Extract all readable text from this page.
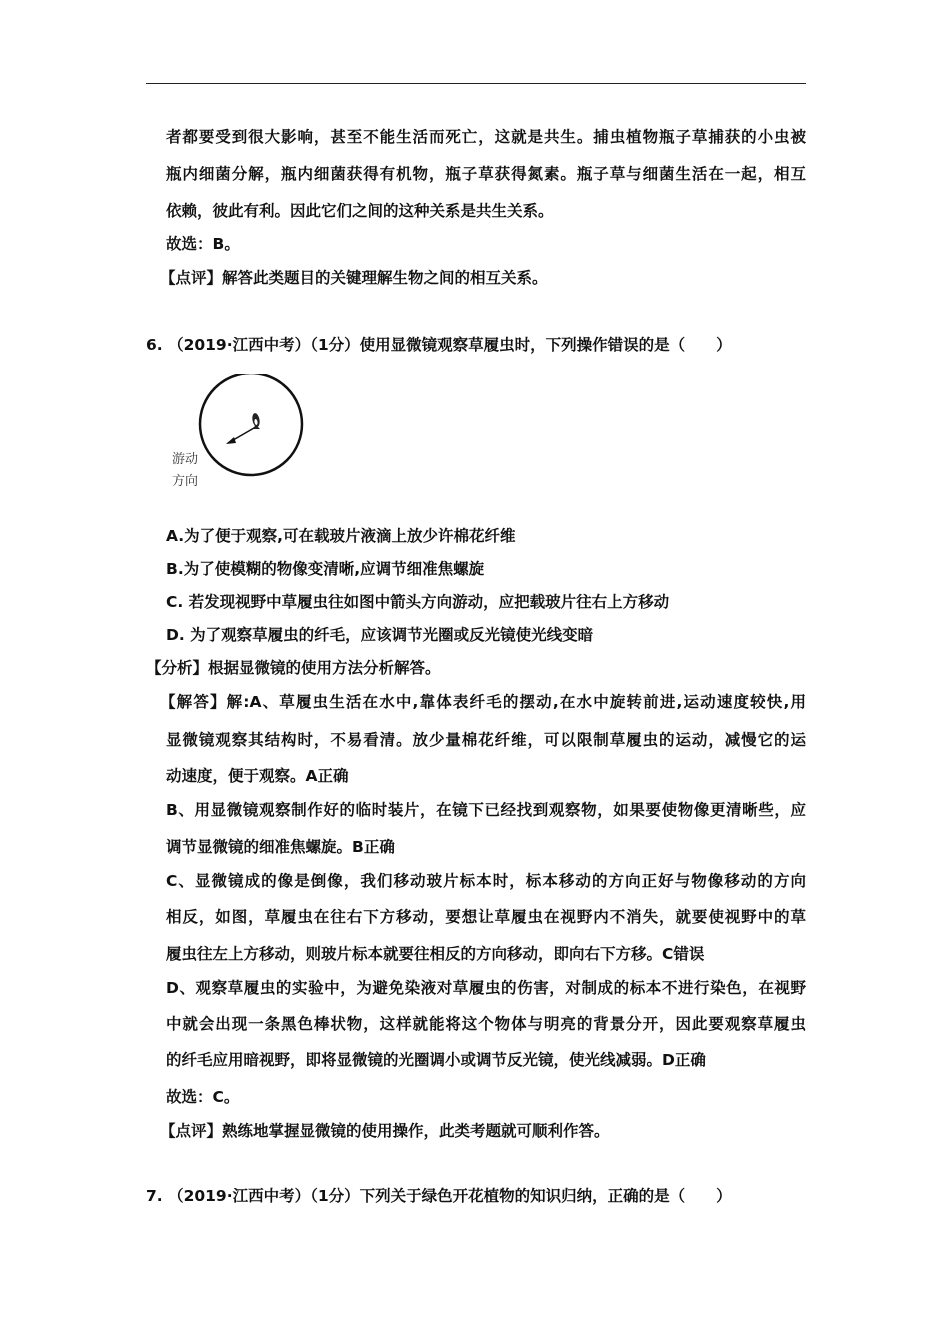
者都要受到很大影响，甚至不能生活而死亡，这就是共生。捕虫植物瓶子草捕获的小虫被
瓶内细菌分解，瓶内细菌获得有机物，瓶子草获得氮素。瓶子草与细菌生活在一起，相互
依赖，彼此有利。因此它们之间的这种关系是共生关系。
故选：B。
【点评】解答此类题目的关键理解生物之间的相互关系。
6. （2019·江西中考）（1分）使用显微镜观察草履虫时，下列操作错误的是（　　）
游动
方向
A.为了便于观察,可在载玻片液滴上放少许棉花纤维
B.为了使模糊的物像变清晰,应调节细准焦螺旋
C. 若发现视野中草履虫往如图中箭头方向游动，应把载玻片往右上方移动
D. 为了观察草履虫的纤毛，应该调节光圈或反光镜使光线变暗
【分析】根据显微镜的使用方法分析解答。
【解答】解:A、草履虫生活在水中,靠体表纤毛的摆动,在水中旋转前进,运动速度较快,用
显微镜观察其结构时，不易看清。放少量棉花纤维，可以限制草履虫的运动，减慢它的运
动速度，便于观察。A正确
B、用显微镜观察制作好的临时装片，在镜下已经找到观察物，如果要使物像更清晰些，应
调节显微镜的细准焦螺旋。B正确
C、显微镜成的像是倒像，我们移动玻片标本时，标本移动的方向正好与物像移动的方向
相反，如图，草履虫在往右下方移动，要想让草履虫在视野内不消失，就要使视野中的草
履虫往左上方移动，则玻片标本就要往相反的方向移动，即向右下方移。C错误
D、观察草履虫的实验中，为避免染液对草履虫的伤害，对制成的标本不进行染色，在视野
中就会出现一条黑色棒状物，这样就能将这个物体与明亮的背景分开，因此要观察草履虫
的纤毛应用暗视野，即将显微镜的光圈调小或调节反光镜，使光线减弱。D正确
故选：C。
【点评】熟练地掌握显微镜的使用操作，此类考题就可顺利作答。
7. （2019·江西中考）（1分）下列关于绿色开花植物的知识归纳，正确的是（　　）
